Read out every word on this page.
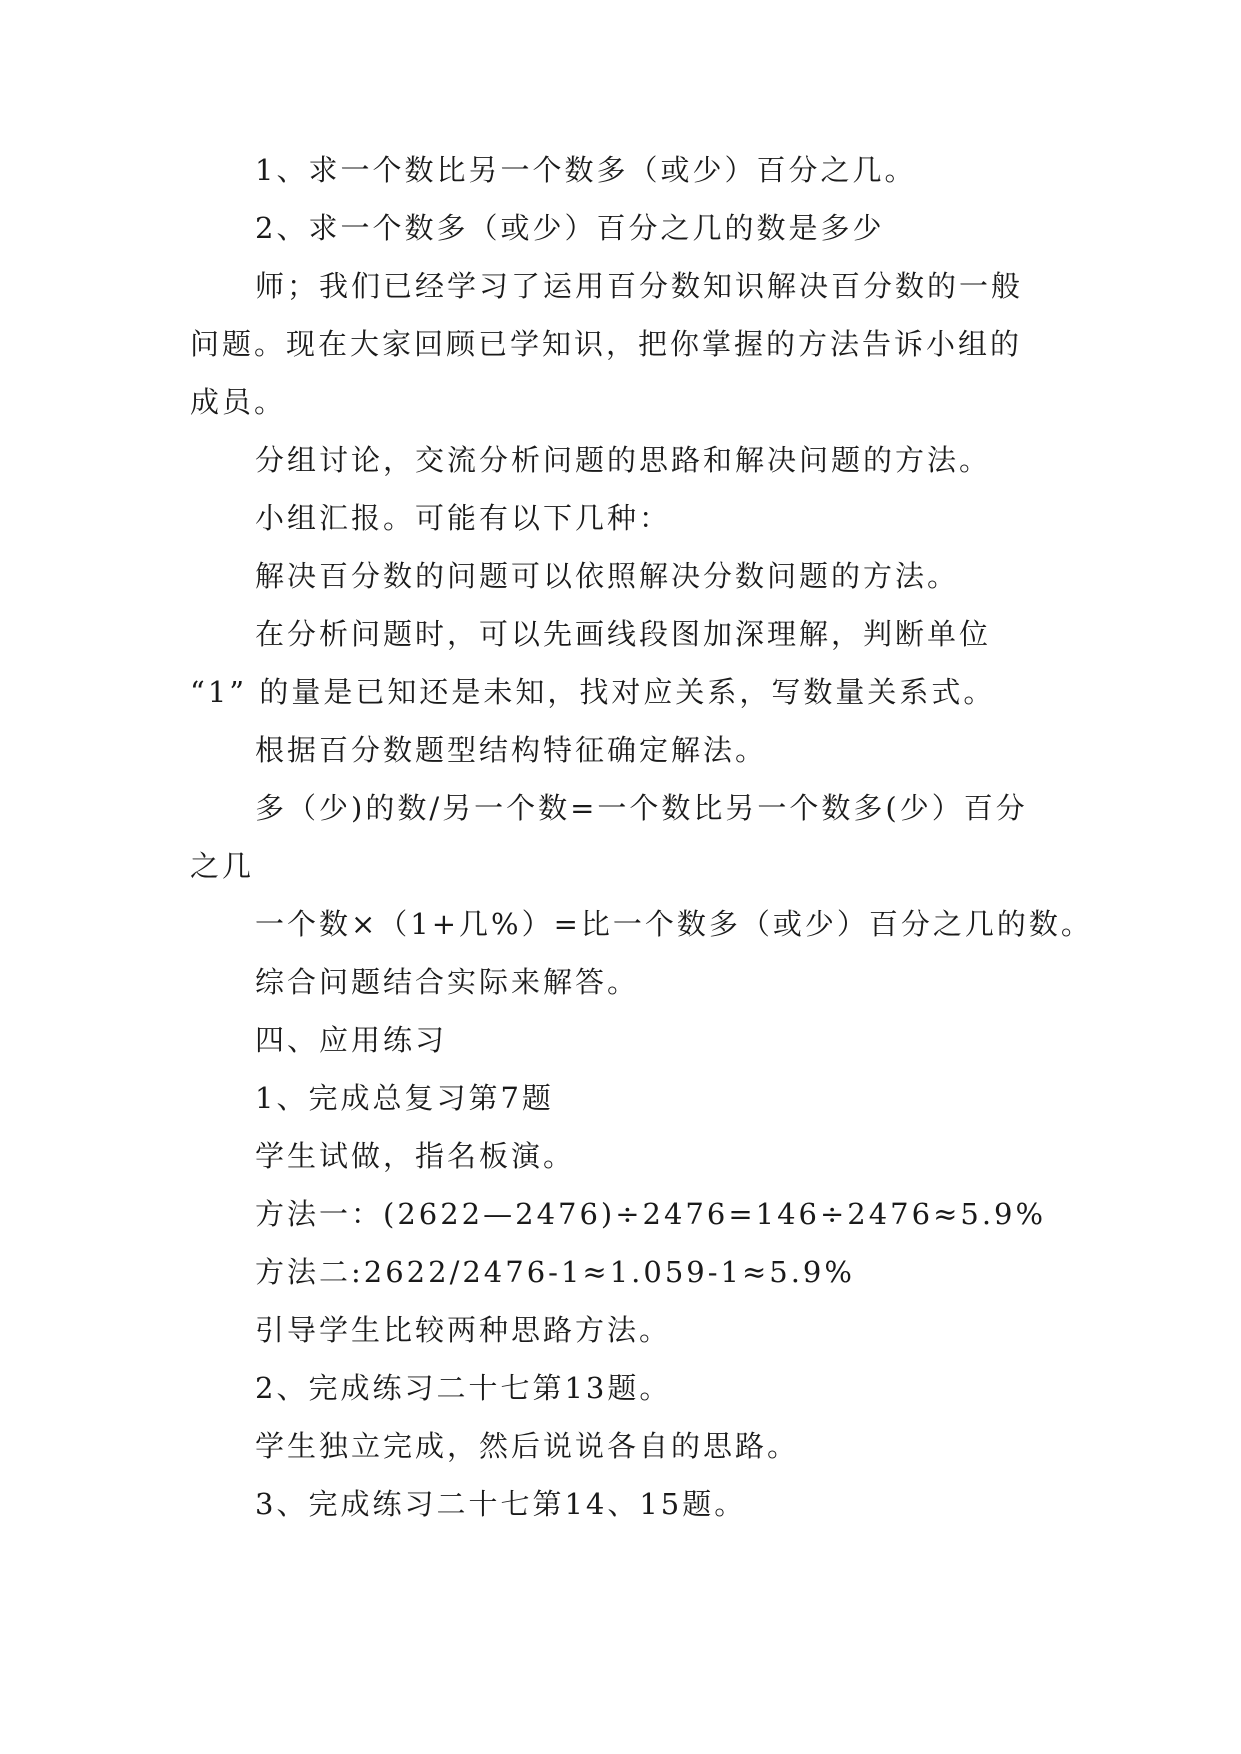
1、求一个数比另一个数多（或少）百分之几。
2、求一个数多（或少）百分之几的数是多少
师；我们已经学习了运用百分数知识解决百分数的一般
问题。现在大家回顾已学知识，把你掌握的方法告诉小组的
成员。
分组讨论，交流分析问题的思路和解决问题的方法。
小组汇报。可能有以下几种：
解决百分数的问题可以依照解决分数问题的方法。
在分析问题时，可以先画线段图加深理解，判断单位
“1” 的量是已知还是未知，找对应关系，写数量关系式。
根据百分数题型结构特征确定解法。
多（少)的数/另一个数=一个数比另一个数多(少）百分
之几
一个数×（1+几%）=比一个数多（或少）百分之几的数。
综合问题结合实际来解答。
四、应用练习
1、完成总复习第7题
学生试做，指名板演。
方法一：(2622—2476)÷2476=146÷2476≈5.9%
方法二:2622/2476-1≈1.059-1≈5.9%
引导学生比较两种思路方法。
2、完成练习二十七第13题。
学生独立完成，然后说说各自的思路。
3、完成练习二十七第14、15题。
